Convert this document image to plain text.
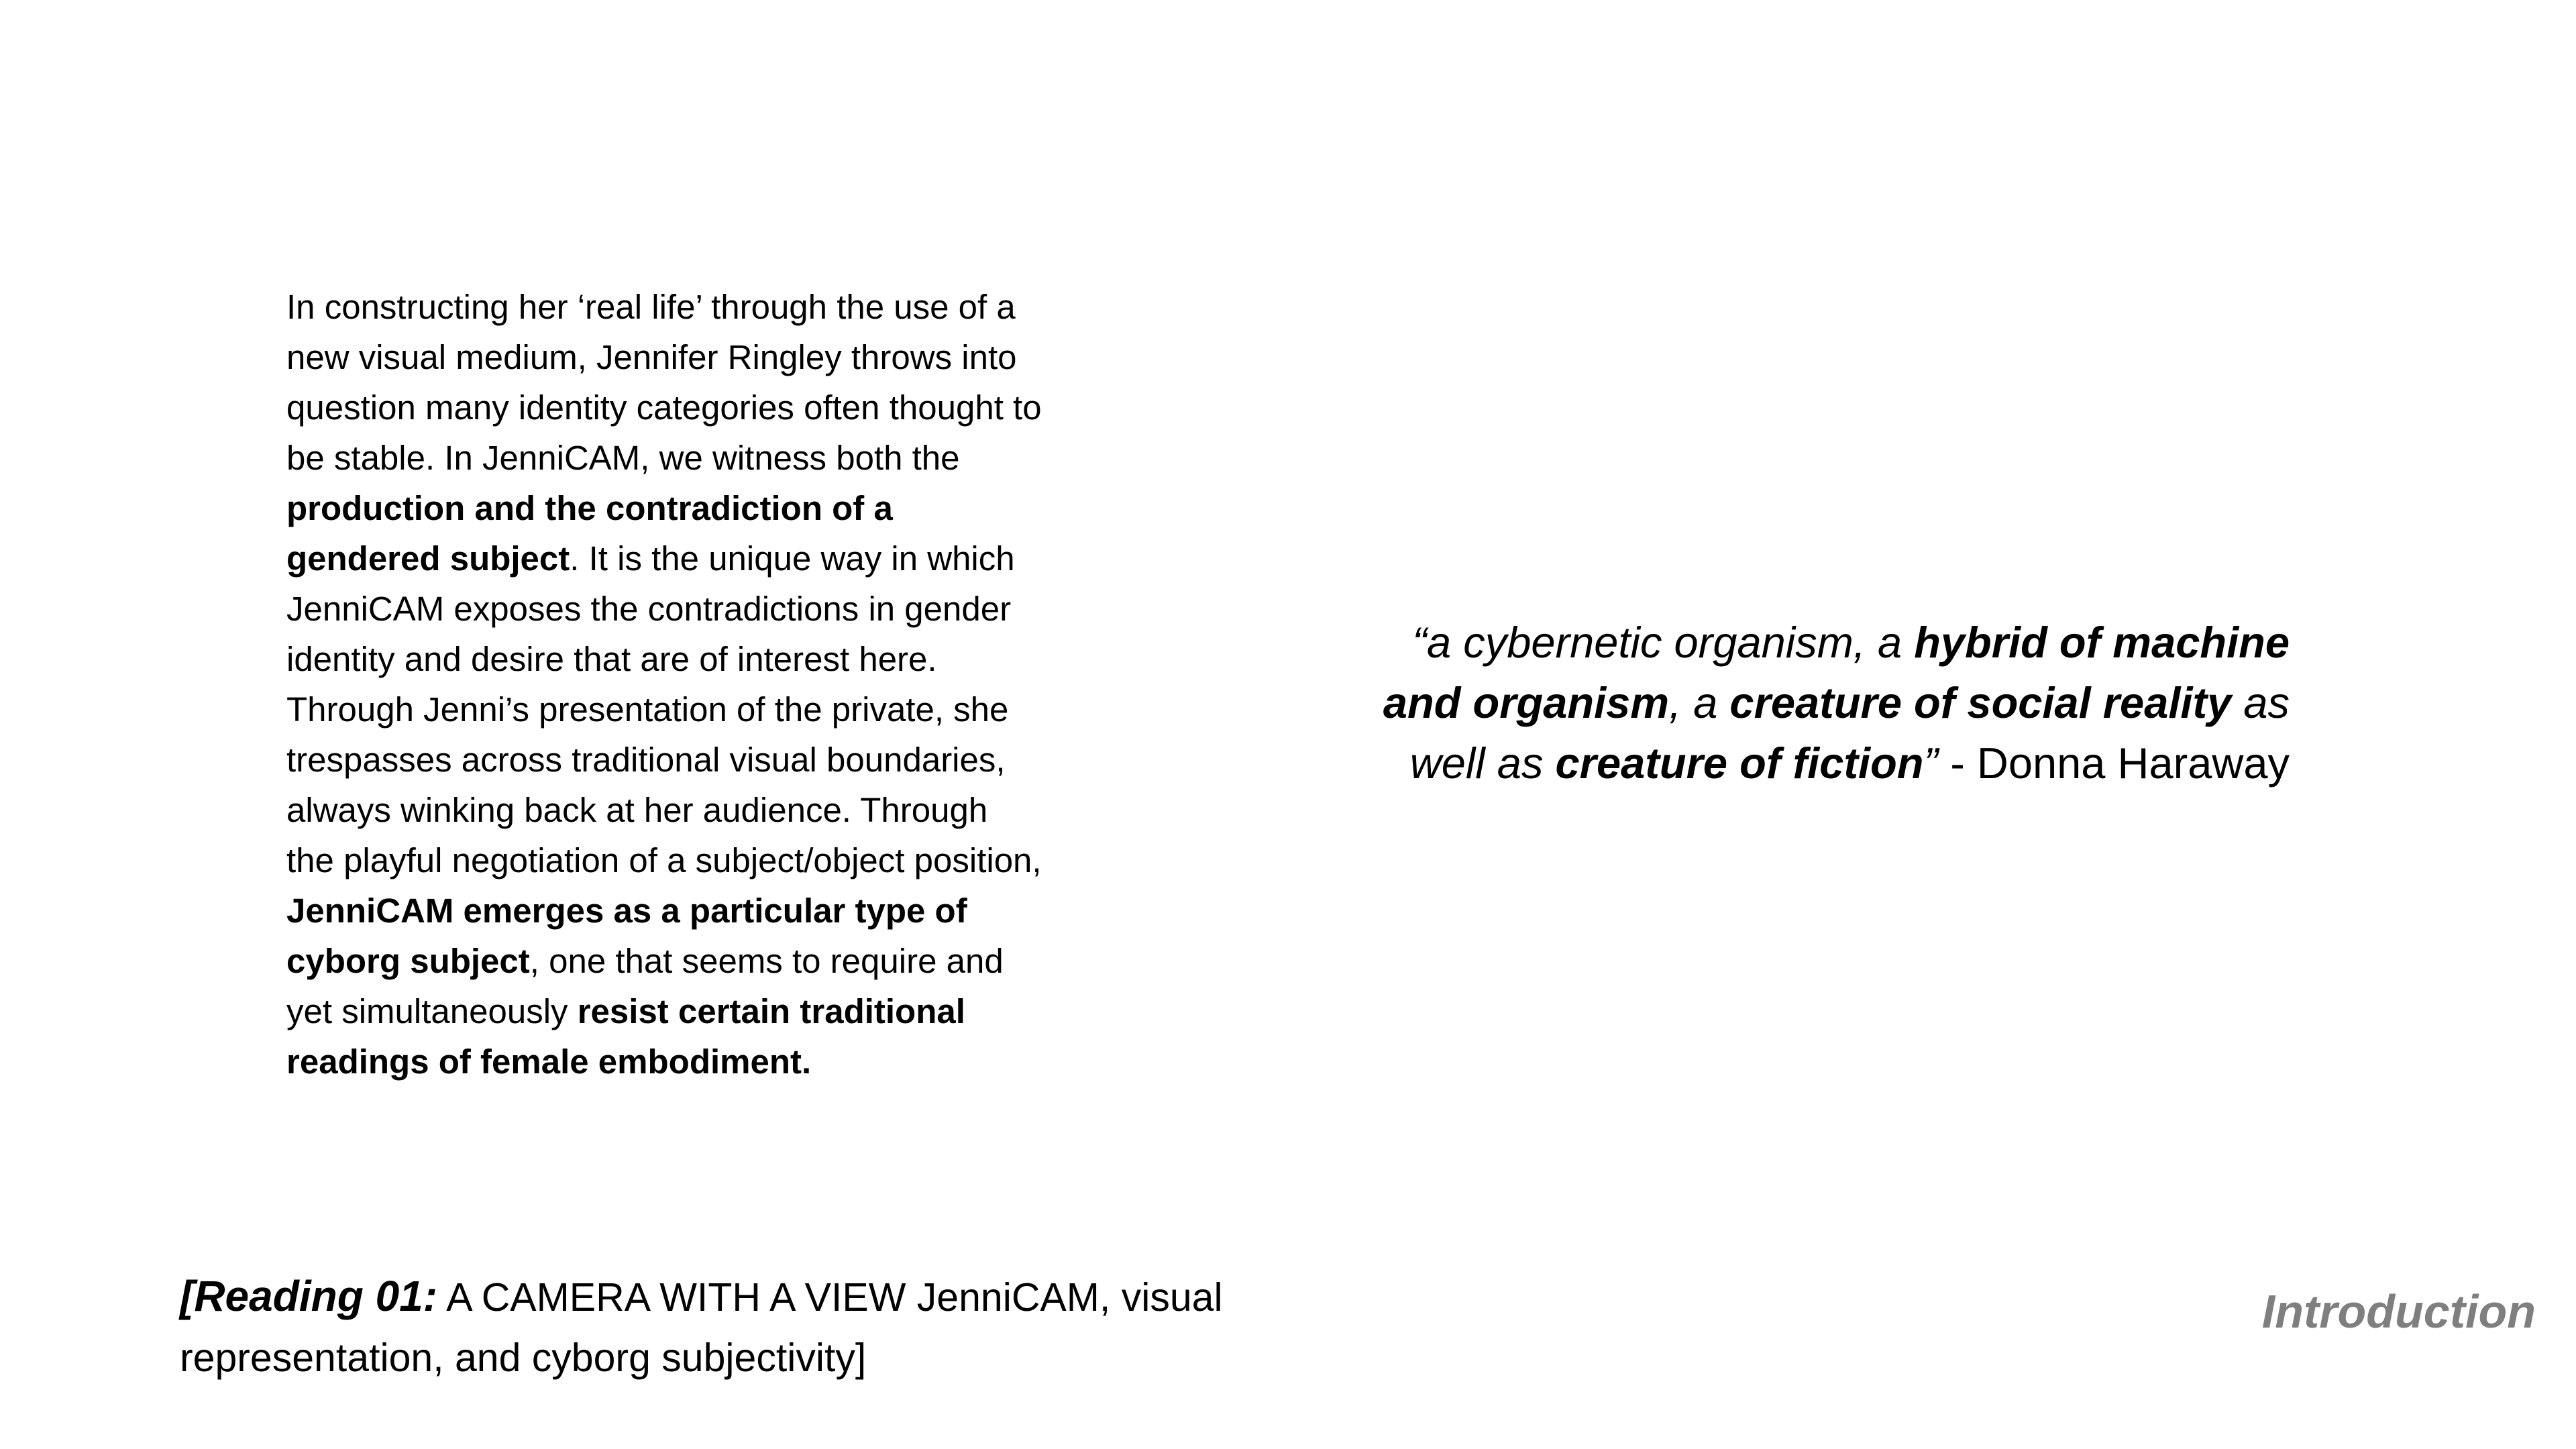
In constructing her ‘real life’ through the use of a new visual medium, Jennifer Ringley throws into question many identity categories often thought to be stable. In JenniCAM, we witness both the production and the contradiction of a gendered subject. It is the unique way in which JenniCAM exposes the contradictions in gender identity and desire that are of interest here. Through Jenni’s presentation of the private, she trespasses across traditional visual boundaries, always winking back at her audience. Through the playful negotiation of a subject/object position, JenniCAM emerges as a particular type of cyborg subject, one that seems to require and yet simultaneously resist certain traditional readings of female embodiment.

“a cybernetic organism, a hybrid of machine and organism, a creature of social reality as well as creature of fiction” - Donna Haraway

[Reading 01: A CAMERA WITH A VIEW JenniCAM, visual representation, and cyborg subjectivity]

Introduction
